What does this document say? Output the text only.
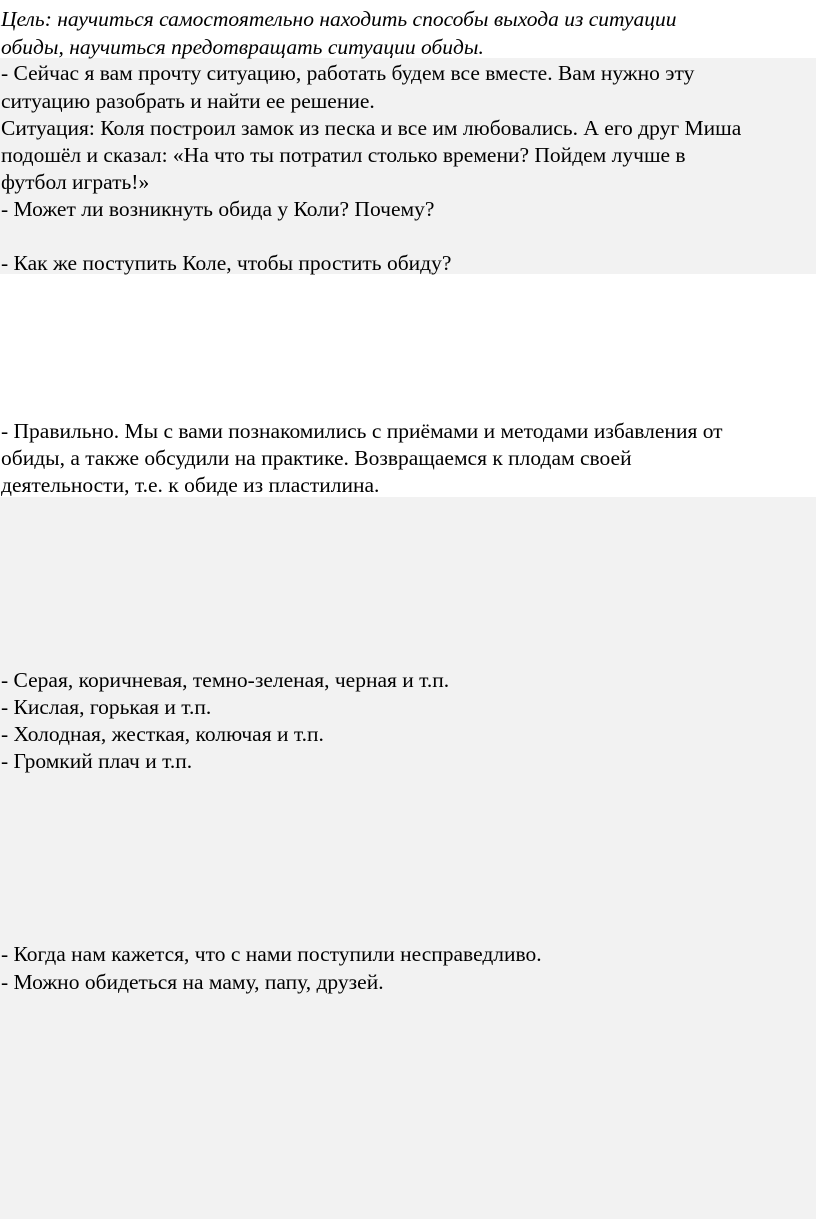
Цель: научиться самостоятельно находить способы выхода из ситуации
обиды, научиться предотвращать ситуации обиды.
- Сейчас я вам прочту ситуацию, работать будем все вместе. Вам нужно эту
ситуацию разобрать и найти ее решение.
Ситуация: Коля построил замок из песка и все им любовались. А его друг Миша
подошёл и сказал: «На что ты потратил столько времени? Пойдем лучше в
футбол играть!»
- Может ли возникнуть обида у Коли? Почему?
- Как же поступить Коле, чтобы простить обиду?
- Правильно. Мы с вами познакомились с приёмами и методами избавления от
обиды, а также обсудили на практике. Возвращаемся к плодам своей
деятельности, т.е. к обиде из пластилина.
- Серая, коричневая, темно-зеленая, черная и т.п.
- Кислая, горькая и т.п.
- Холодная, жесткая, колючая и т.п.
- Громкий плач и т.п.
- Когда нам кажется, что с нами поступили несправедливо.
- Можно обидеться на маму, папу, друзей.
